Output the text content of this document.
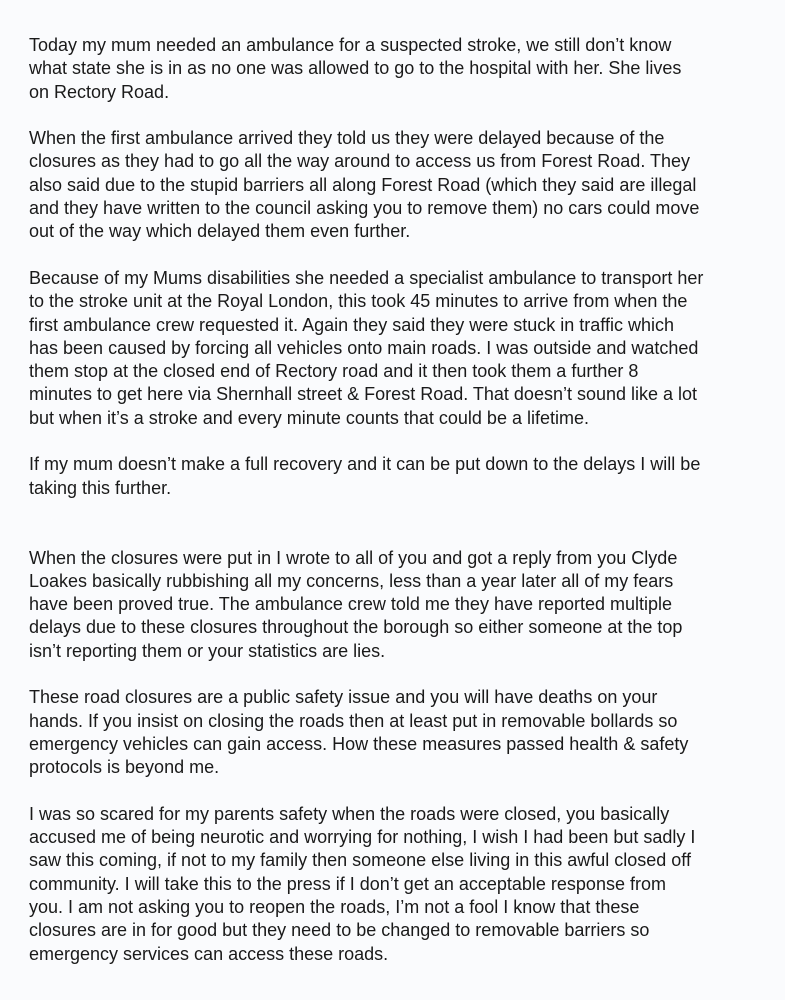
Today my mum needed an ambulance for a suspected stroke, we still don’t know
what state she is in as no one was allowed to go to the hospital with her. She lives
on Rectory Road.
When the first ambulance arrived they told us they were delayed because of the
closures as they had to go all the way around to access us from Forest Road. They
also said due to the stupid barriers all along Forest Road (which they said are illegal
and they have written to the council asking you to remove them) no cars could move
out of the way which delayed them even further.
Because of my Mums disabilities she needed a specialist ambulance to transport her
to the stroke unit at the Royal London, this took 45 minutes to arrive from when the
first ambulance crew requested it. Again they said they were stuck in traffic which
has been caused by forcing all vehicles onto main roads. I was outside and watched
them stop at the closed end of Rectory road and it then took them a further 8
minutes to get here via Shernhall street & Forest Road. That doesn’t sound like a lot
but when it’s a stroke and every minute counts that could be a lifetime.
If my mum doesn’t make a full recovery and it can be put down to the delays I will be
taking this further.
When the closures were put in I wrote to all of you and got a reply from you Clyde
Loakes basically rubbishing all my concerns, less than a year later all of my fears
have been proved true. The ambulance crew told me they have reported multiple
delays due to these closures throughout the borough so either someone at the top
isn’t reporting them or your statistics are lies.
These road closures are a public safety issue and you will have deaths on your
hands. If you insist on closing the roads then at least put in removable bollards so
emergency vehicles can gain access. How these measures passed health & safety
protocols is beyond me.
I was so scared for my parents safety when the roads were closed, you basically
accused me of being neurotic and worrying for nothing, I wish I had been but sadly I
saw this coming, if not to my family then someone else living in this awful closed off
community. I will take this to the press if I don’t get an acceptable response from
you. I am not asking you to reopen the roads, I’m not a fool I know that these
closures are in for good but they need to be changed to removable barriers so
emergency services can access these roads.
